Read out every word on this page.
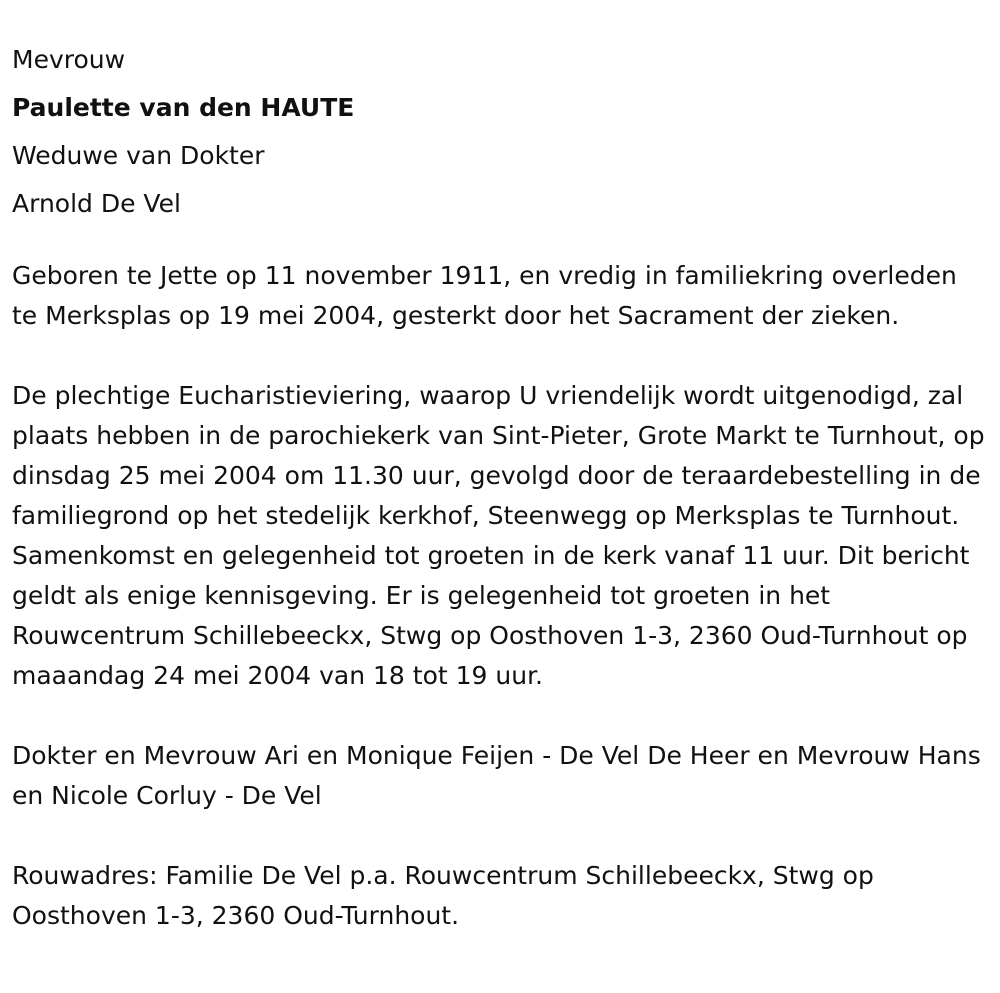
Mevrouw

Paulette van den HAUTE

Weduwe van Dokter

Arnold De Vel

Geboren te Jette op 11 november 1911, en vredig in familiekring overleden te Merksplas op 19 mei 2004, gesterkt door het Sacrament der zieken.

De plechtige Eucharistieviering, waarop U vriendelijk wordt uitgenodigd, zal plaats hebben in de parochiekerk van Sint-Pieter, Grote Markt te Turnhout, op dinsdag 25 mei 2004 om 11.30 uur, gevolgd door de teraardebestelling in de familiegrond op het stedelijk kerkhof, Steenwegg op Merksplas te Turnhout. Samenkomst en gelegenheid tot groeten in de kerk vanaf 11 uur. Dit bericht geldt als enige kennisgeving. Er is gelegenheid tot groeten in het Rouwcentrum Schillebeeckx, Stwg op Oosthoven 1-3, 2360 Oud-Turnhout op maaandag 24 mei 2004 van 18 tot 19 uur.

Dokter en Mevrouw Ari en Monique Feijen - De Vel De Heer en Mevrouw Hans en Nicole Corluy - De Vel

Rouwadres: Familie De Vel p.a. Rouwcentrum Schillebeeckx, Stwg op Oosthoven 1-3, 2360 Oud-Turnhout.
